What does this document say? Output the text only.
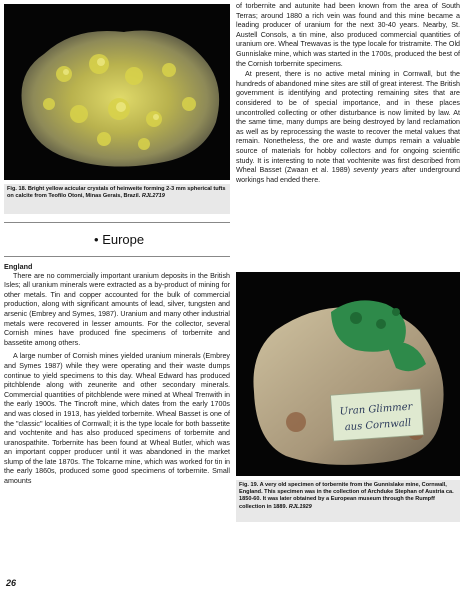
Fig. 18. Bright yellow acicular crystals of heinweite forming 2-3 mm spherical tufts on calcite from Teofilo Otoni, Minas Gerais, Brazil. RJL2719
• Europe

England

There are no commercially important uranium deposits in the British Isles; all uranium minerals were extracted as a by-product of mining for other metals. Tin and copper accounted for the bulk of commercial production, along with significant amounts of lead, silver, tungsten and arsenic (Embrey and Symes, 1987). Uranium and many other industrial metals were recovered in lesser amounts. For the collector, several Cornish mines have produced fine specimens of torbernite and bassetite among others.

A large number of Cornish mines yielded uranium minerals (Embrey and Symes 1987) while they were operating and their waste dumps continue to yield specimens to this day. Wheal Edward has produced pitchblende along with zeunerite and other secondary minerals. Commercial quantities of pitchblende were mined at Wheal Trenwith in the early 1900s. The Tincroft mine, which dates from the early 1700s and was closed in 1913, has yielded torbernite. Wheal Basset is one of the "classic" localities of Cornwall; it is the type locale for both bassetite and vochtenite and has also produced specimens of torbernite and uranospathite. Torbernite has been found at Wheal Butler, which was an important copper producer until it was abandoned in the market slump of the late 1870s. The Tolcarne mine, which was worked for tin in the early 1860s, produced some good specimens of torbernite. Small amounts

of torbernite and autunite had been known from the area of South Terras; around 1880 a rich vein was found and this mine became a leading producer of uranium for the next 30-40 years. Nearby, St. Austell Consols, a tin mine, also produced commercial quantities of uranium ore. Wheal Trewavas is the type locale for tristramite. The Old Gunnislake mine, which was started in the 1700s, produced the best of the Cornish torbernite specimens.

At present, there is no active metal mining in Cornwall, but the hundreds of abandoned mine sites are still of great interest. The British government is identifying and protecting remaining sites that are considered to be of special importance, and in these places uncontrolled collecting or other disturbance is now limited by law. At the same time, many dumps are being destroyed by land reclamation as well as by reprocessing the waste to recover the metal values that remain. Nonetheless, the ore and waste dumps remain a valuable source of materials for hobby collectors and for ongoing scientific study. It is interesting to note that vochtenite was first described from Wheal Basset (Zwaan et al. 1989) seventy years after underground workings had ended there.

Uran Glimmer
aus Cornwall
Fig. 19. A very old specimen of torbernite from the Gunnislake mine, Cornwall, England. This specimen was in the collection of Archduke Stephan of Austria ca. 1850-60. It was later obtained by a European museum through the Rumpff collection in 1889. RJL1929
26
